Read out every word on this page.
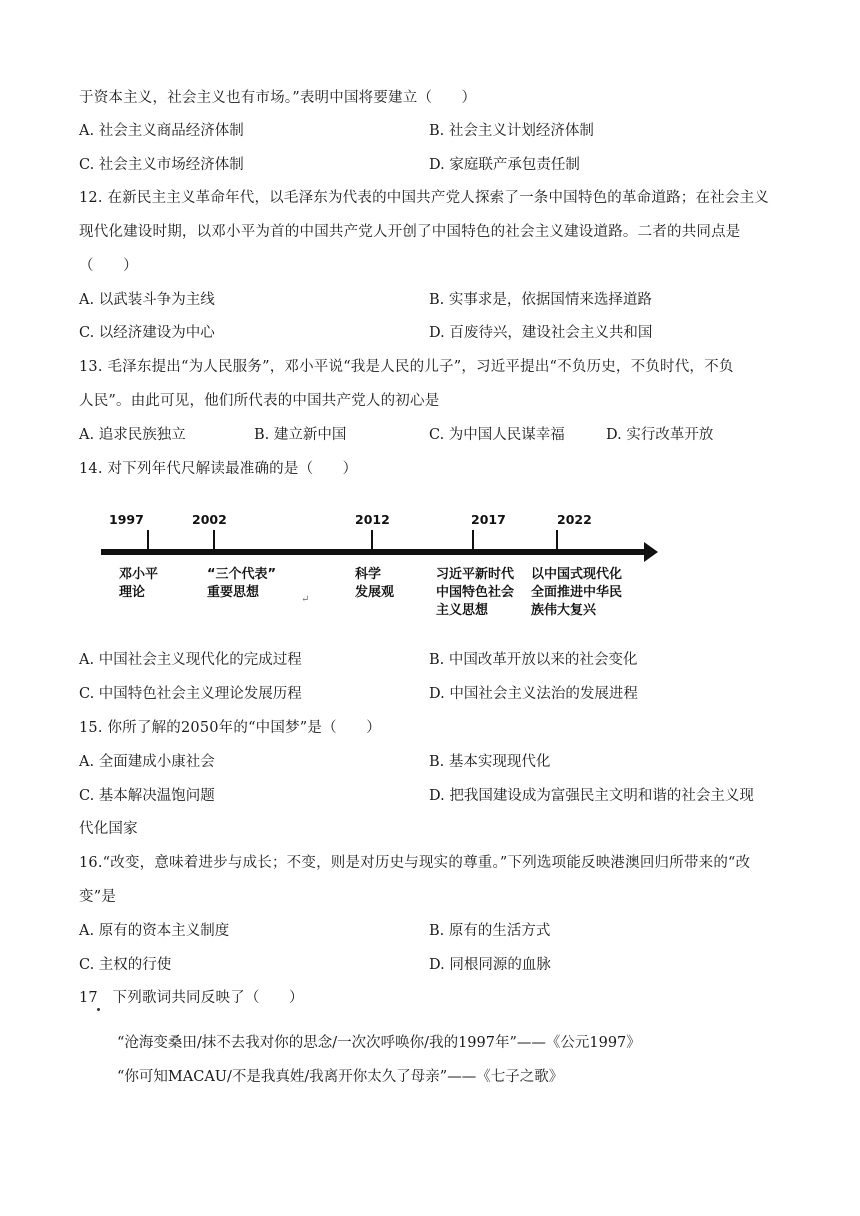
于资本主义，社会主义也有市场。”表明中国将要建立（　　）
A. 社会主义商品经济体制	B. 社会主义计划经济体制
C. 社会主义市场经济体制	D. 家庭联产承包责任制
12. 在新民主主义革命年代，以毛泽东为代表的中国共产党人探索了一条中国特色的革命道路；在社会主义
现代化建设时期，以邓小平为首的中国共产党人开创了中国特色的社会主义建设道路。二者的共同点是
（　　）
A. 以武装斗争为主线	B. 实事求是，依据国情来选择道路
C. 以经济建设为中心	D. 百废待兴，建设社会主义共和国
13. 毛泽东提出“为人民服务”，邓小平说“我是人民的儿子”，习近平提出“不负历史，不负时代，不负
人民”。由此可见，他们所代表的中国共产党人的初心是
A. 追求民族独立	B. 建立新中国	C. 为中国人民谋幸福	D. 实行改革开放
14. 对下列年代尺解读最准确的是（　　）
1997	2002	2012	2017	2022
邓小平
理论
“三个代表”
重要思想	↵
科学
发展观
习近平新时代
中国特色社会
主义思想
以中国式现代化
全面推进中华民
族伟大复兴
A. 中国社会主义现代化的完成过程	B. 中国改革开放以来的社会变化
C. 中国特色社会主义理论发展历程	D. 中国社会主义法治的发展进程
15. 你所了解的2050年的“中国梦”是（　　）
A. 全面建成小康社会	B. 基本实现现代化
C. 基本解决温饱问题	D. 把我国建设成为富强民主文明和谐的社会主义现
代化国家
16.“改变，意味着进步与成长；不变，则是对历史与现实的尊重。”下列选项能反映港澳回归所带来的“改
变”是
A. 原有的资本主义制度	B. 原有的生活方式
C. 主权的行使	D. 同根同源的血脉
17　下列歌词共同反映了（　　）
“沧海变桑田/抹不去我对你的思念/一次次呼唤你/我的1997年”——《公元1997》
“你可知MACAU/不是我真姓/我离开你太久了母亲”——《七子之歌》
